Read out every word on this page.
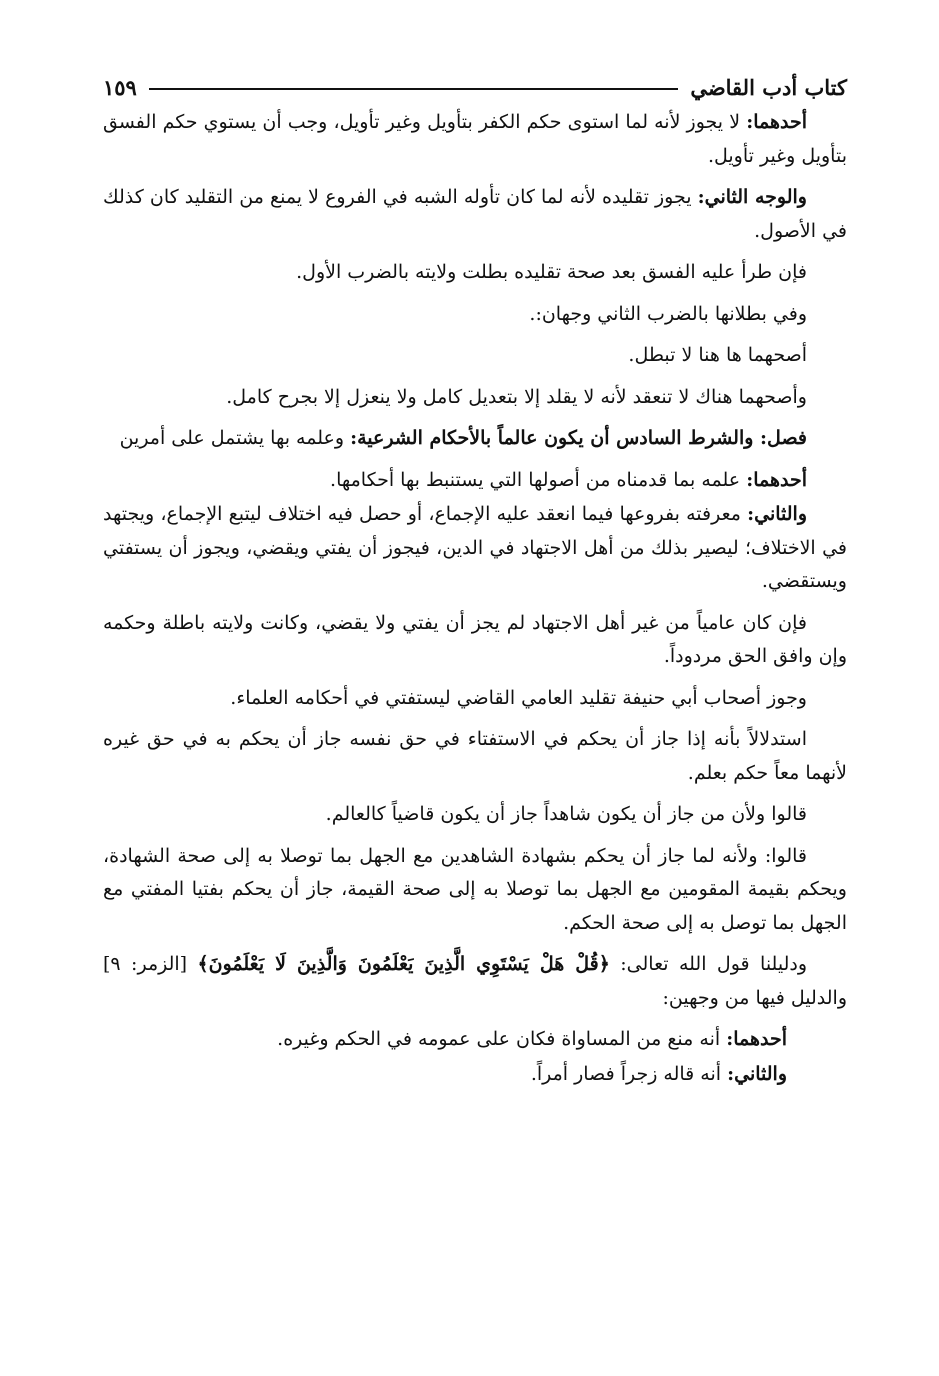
كتاب أدب القاضي
١٥٩

أحدهما: لا يجوز لأنه لما استوى حكم الكفر بتأويل وغير تأويل، وجب أن يستوي حكم الفسق بتأويل وغير تأويل.

والوجه الثاني: يجوز تقليده لأنه لما كان تأوله الشبه في الفروع لا يمنع من التقليد كان كذلك في الأصول.

فإن طرأ عليه الفسق بعد صحة تقليده بطلت ولايته بالضرب الأول.

وفي بطلانها بالضرب الثاني وجهان:.

أصحهما ها هنا لا تبطل.

وأصحهما هناك لا تنعقد لأنه لا يقلد إلا بتعديل كامل ولا ينعزل إلا بجرح كامل.

فصل: والشرط السادس أن يكون عالماً بالأحكام الشرعية: وعلمه بها يشتمل على أمرين

أحدهما: علمه بما قدمناه من أصولها التي يستنبط بها أحكامها.

والثاني: معرفته بفروعها فيما انعقد عليه الإجماع، أو حصل فيه اختلاف ليتبع الإجماع، ويجتهد في الاختلاف؛ ليصير بذلك من أهل الاجتهاد في الدين، فيجوز أن يفتي ويقضي، ويجوز أن يستفتي ويستقضي.

فإن كان عامياً من غير أهل الاجتهاد لم يجز أن يفتي ولا يقضي، وكانت ولايته باطلة وحكمه وإن وافق الحق مردوداً.

وجوز أصحاب أبي حنيفة تقليد العامي القاضي ليستفتي في أحكامه العلماء.

استدلالاً بأنه إذا جاز أن يحكم في الاستفتاء في حق نفسه جاز أن يحكم به في حق غيره لأنهما معاً حكم بعلم.

قالوا ولأن من جاز أن يكون شاهداً جاز أن يكون قاضياً كالعالم.

قالوا: ولأنه لما جاز أن يحكم بشهادة الشاهدين مع الجهل بما توصلا به إلى صحة الشهادة، ويحكم بقيمة المقومين مع الجهل بما توصلا به إلى صحة القيمة، جاز أن يحكم بفتيا المفتي مع الجهل بما توصل به إلى صحة الحكم.

ودليلنا قول الله تعالى: ﴿قُلْ هَلْ يَسْتَوِي الَّذِينَ يَعْلَمُونَ وَالَّذِينَ لَا يَعْلَمُونَ﴾ [الزمر: ٩] والدليل فيها من وجهين:

أحدهما: أنه منع من المساواة فكان على عمومه في الحكم وغيره.

والثاني: أنه قاله زجراً فصار أمراً.
